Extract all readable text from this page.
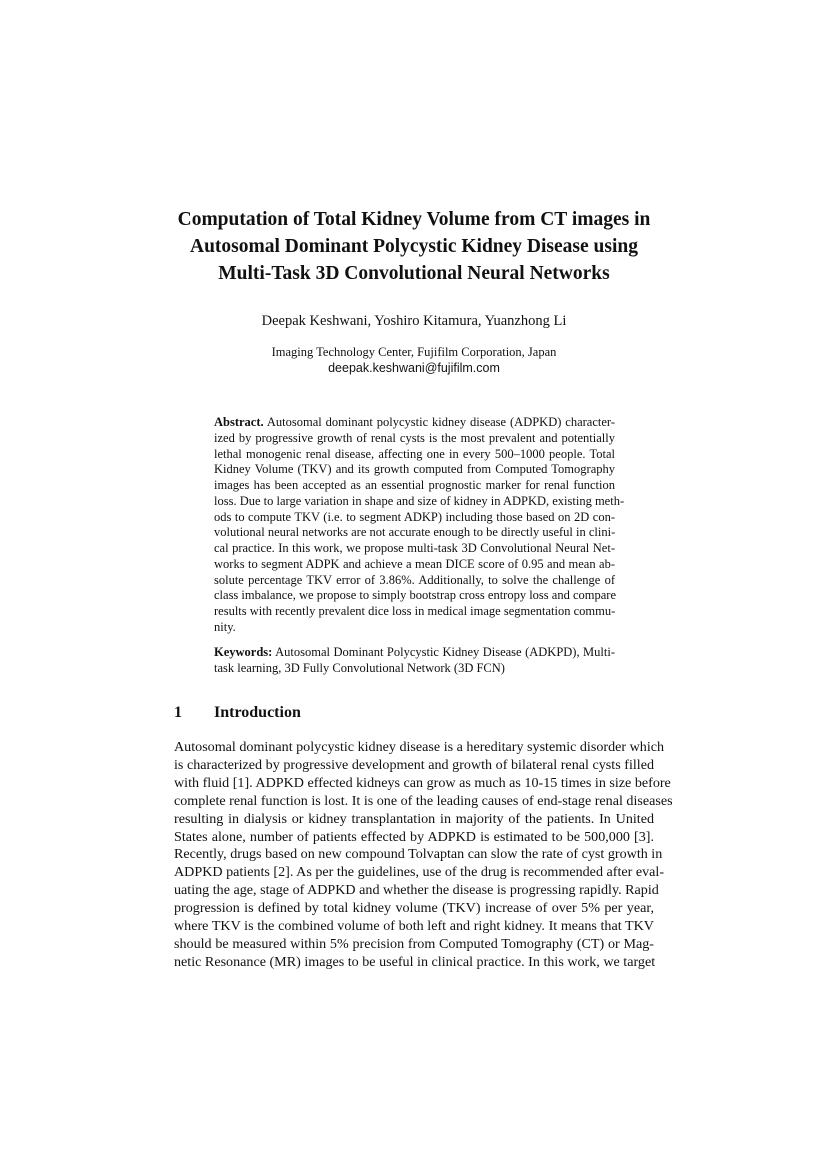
Computation of Total Kidney Volume from CT images in
Autosomal Dominant Polycystic Kidney Disease using
Multi-Task 3D Convolutional Neural Networks
Deepak Keshwani, Yoshiro Kitamura, Yuanzhong Li
Imaging Technology Center, Fujifilm Corporation, Japan
deepak.keshwani@fujifilm.com
Abstract. Autosomal dominant polycystic kidney disease (ADPKD) character-
ized by progressive growth of renal cysts is the most prevalent and potentially
lethal monogenic renal disease, affecting one in every 500–1000 people. Total
Kidney Volume (TKV) and its growth computed from Computed Tomography
images has been accepted as an essential prognostic marker for renal function
loss. Due to large variation in shape and size of kidney in ADPKD, existing meth-
ods to compute TKV (i.e. to segment ADKP) including those based on 2D con-
volutional neural networks are not accurate enough to be directly useful in clini-
cal practice. In this work, we propose multi-task 3D Convolutional Neural Net-
works to segment ADPK and achieve a mean DICE score of 0.95 and mean ab-
solute percentage TKV error of 3.86%. Additionally, to solve the challenge of
class imbalance, we propose to simply bootstrap cross entropy loss and compare
results with recently prevalent dice loss in medical image segmentation commu-
nity.
Keywords: Autosomal Dominant Polycystic Kidney Disease (ADKPD), Multi-
task learning, 3D Fully Convolutional Network (3D FCN)
1 Introduction
Autosomal dominant polycystic kidney disease is a hereditary systemic disorder which
is characterized by progressive development and growth of bilateral renal cysts filled
with fluid [1]. ADPKD effected kidneys can grow as much as 10-15 times in size before
complete renal function is lost. It is one of the leading causes of end-stage renal diseases
resulting in dialysis or kidney transplantation in majority of the patients. In United
States alone, number of patients effected by ADPKD is estimated to be 500,000 [3].
Recently, drugs based on new compound Tolvaptan can slow the rate of cyst growth in
ADPKD patients [2]. As per the guidelines, use of the drug is recommended after eval-
uating the age, stage of ADPKD and whether the disease is progressing rapidly. Rapid
progression is defined by total kidney volume (TKV) increase of over 5% per year,
where TKV is the combined volume of both left and right kidney. It means that TKV
should be measured within 5% precision from Computed Tomography (CT) or Mag-
netic Resonance (MR) images to be useful in clinical practice. In this work, we target
